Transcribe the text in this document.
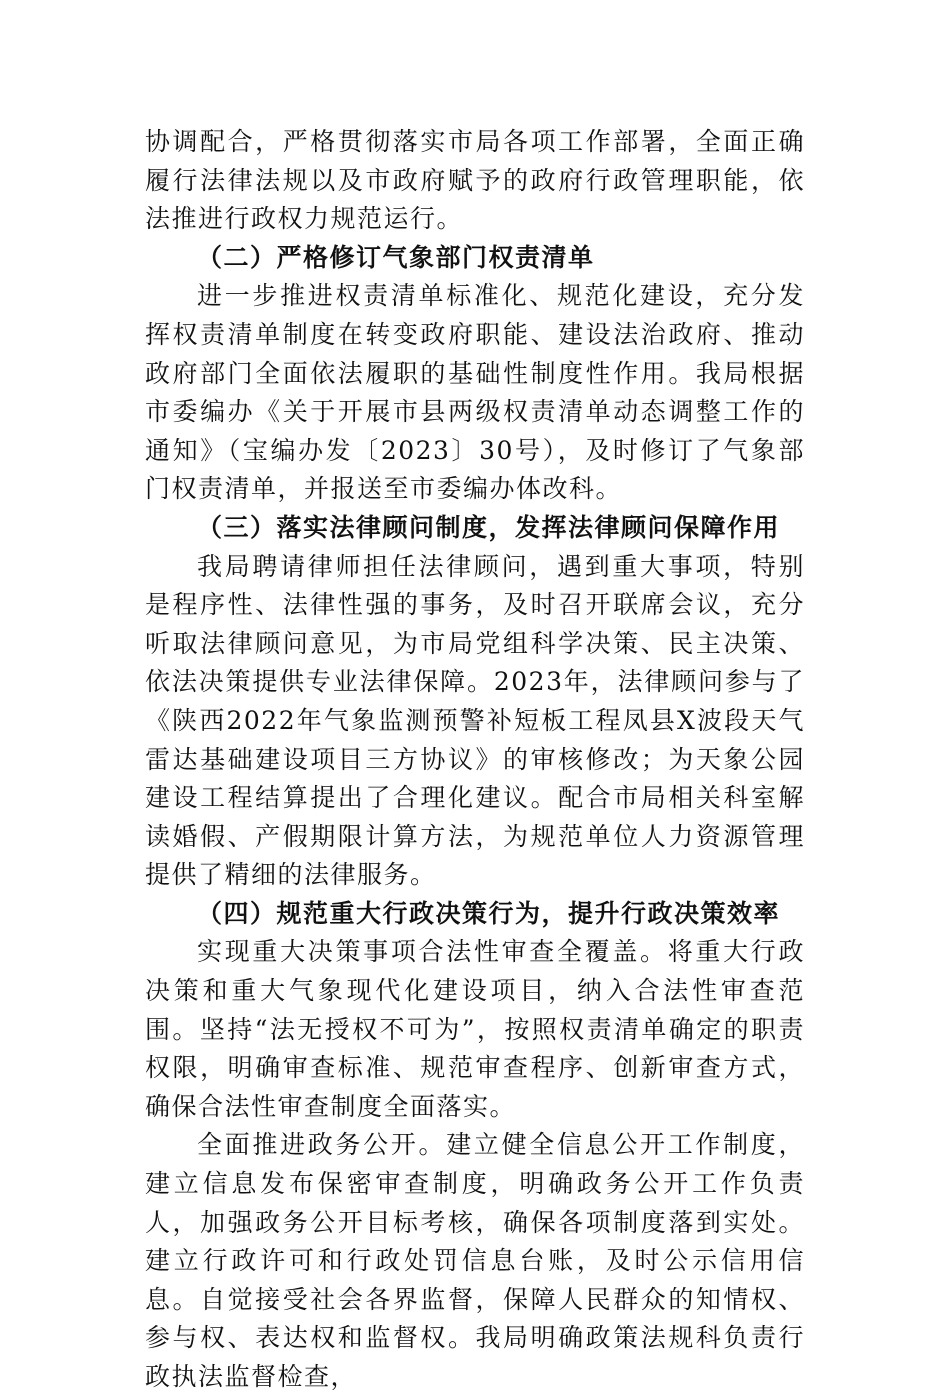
协调配合，严格贯彻落实市局各项工作部署，全面正确履行法律法规以及市政府赋予的政府行政管理职能，依法推进行政权力规范运行。

（二）严格修订气象部门权责清单

进一步推进权责清单标准化、规范化建设，充分发挥权责清单制度在转变政府职能、建设法治政府、推动政府部门全面依法履职的基础性制度性作用。我局根据市委编办《关于开展市县两级权责清单动态调整工作的通知》（宝编办发〔2023〕30号），及时修订了气象部门权责清单，并报送至市委编办体改科。

（三）落实法律顾问制度，发挥法律顾问保障作用

我局聘请律师担任法律顾问，遇到重大事项，特别是程序性、法律性强的事务，及时召开联席会议，充分听取法律顾问意见，为市局党组科学决策、民主决策、依法决策提供专业法律保障。2023年，法律顾问参与了《陕西2022年气象监测预警补短板工程凤县X波段天气雷达基础建设项目三方协议》的审核修改；为天象公园建设工程结算提出了合理化建议。配合市局相关科室解读婚假、产假期限计算方法，为规范单位人力资源管理提供了精细的法律服务。

（四）规范重大行政决策行为，提升行政决策效率

实现重大决策事项合法性审查全覆盖。将重大行政决策和重大气象现代化建设项目，纳入合法性审查范围。坚持“法无授权不可为”，按照权责清单确定的职责权限，明确审查标准、规范审查程序、创新审查方式，确保合法性审查制度全面落实。

全面推进政务公开。建立健全信息公开工作制度，建立信息发布保密审查制度，明确政务公开工作负责人，加强政务公开目标考核，确保各项制度落到实处。建立行政许可和行政处罚信息台账，及时公示信用信息。自觉接受社会各界监督，保障人民群众的知情权、参与权、表达权和监督权。我局明确政策法规科负责行政执法监督检查，
